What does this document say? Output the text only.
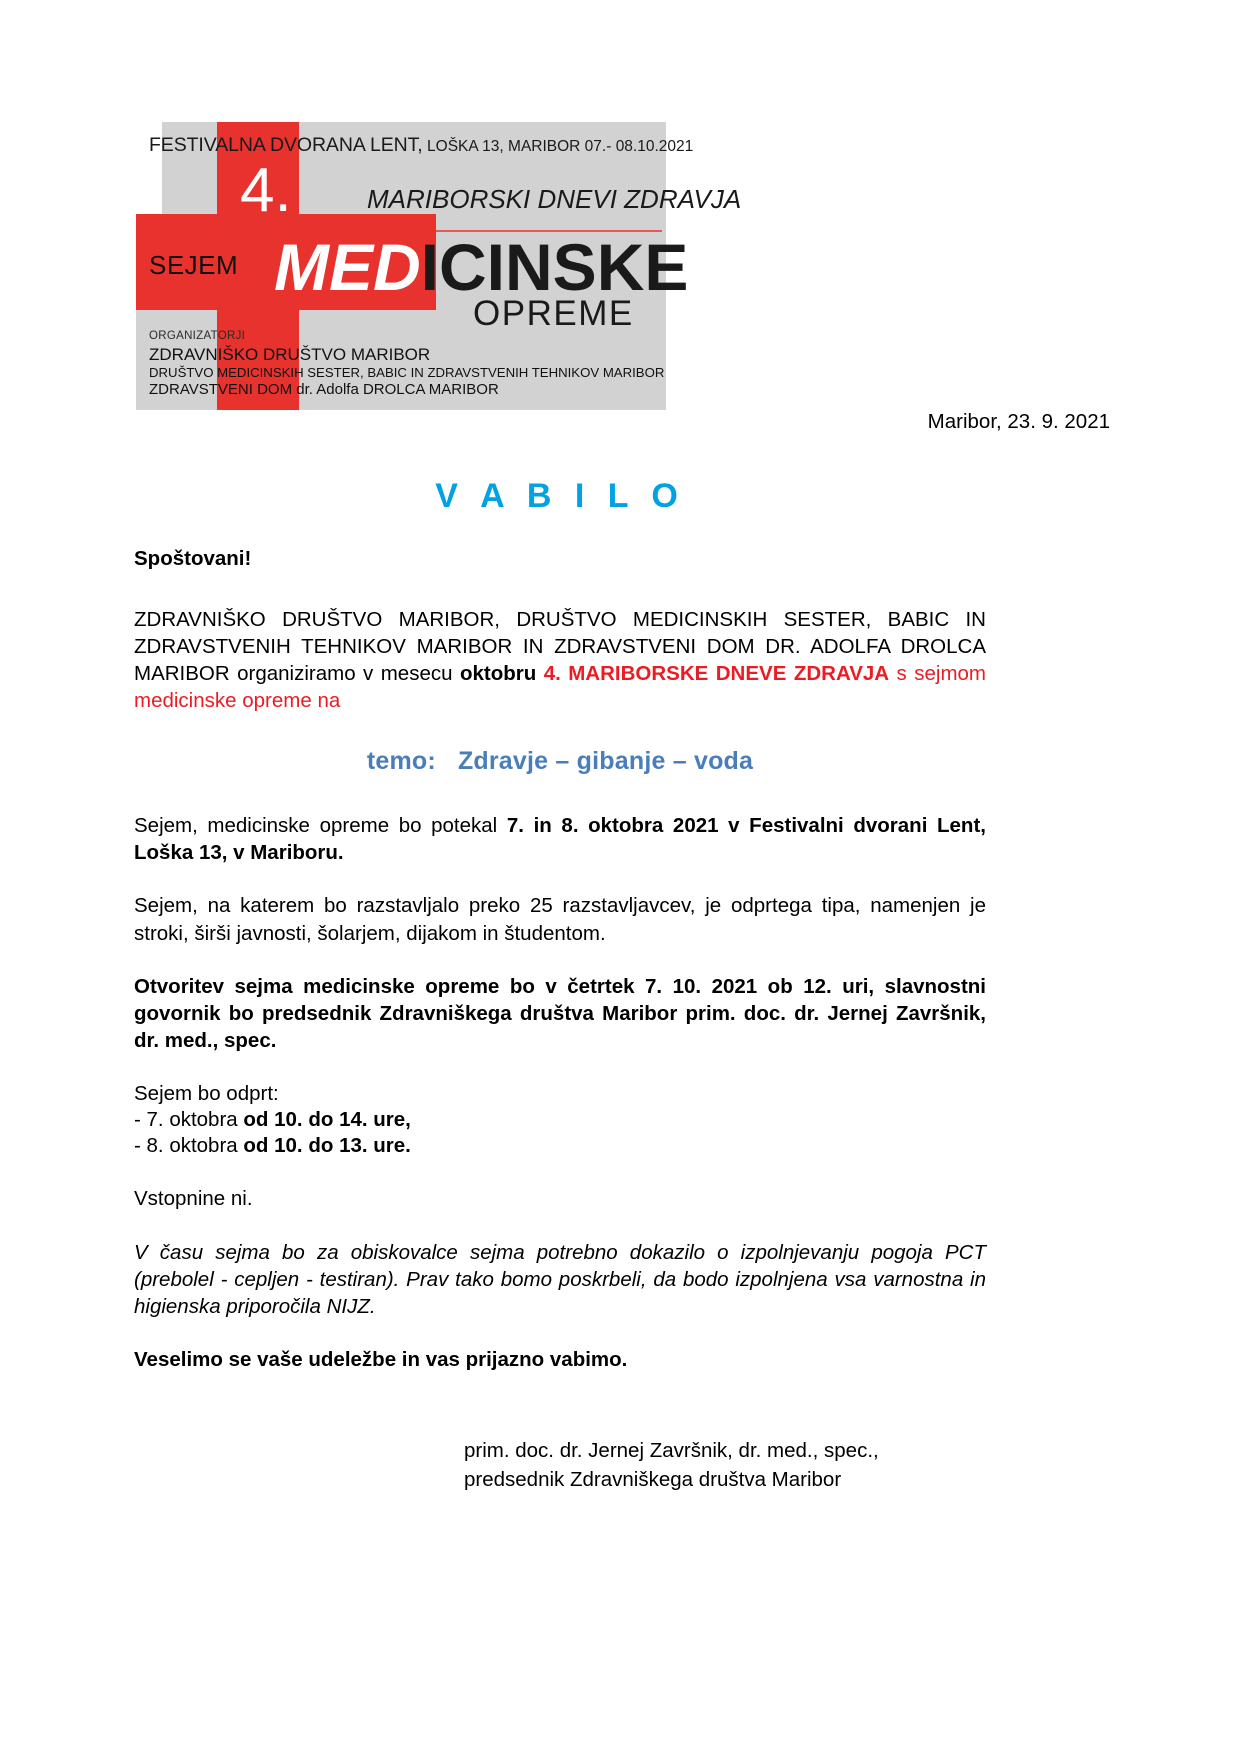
FESTIVALNA DVORANA LENT, LOŠKA 13, MARIBOR 07.- 08.10.2021
4.	MARIBORSKI DNEVI ZDRAVJA
SEJEM MEDICINSKE
OPREME
ORGANIZATORJI
ZDRAVNIŠKO DRUŠTVO MARIBOR
DRUŠTVO MEDICINSKIH SESTER, BABIC IN ZDRAVSTVENIH TEHNIKOV MARIBOR
ZDRAVSTVENI DOM dr. Adolfa DROLCA MARIBOR
Maribor, 23. 9. 2021
V A B I L O

Spoštovani!

ZDRAVNIŠKO DRUŠTVO MARIBOR, DRUŠTVO MEDICINSKIH SESTER, BABIC IN ZDRAVSTVENIH TEHNIKOV MARIBOR IN ZDRAVSTVENI DOM DR. ADOLFA DROLCA MARIBOR organiziramo v mesecu oktobru 4. MARIBORSKE DNEVE ZDRAVJA s sejmom medicinske opreme na

temo: Zdravje – gibanje – voda

Sejem, medicinske opreme bo potekal 7. in 8. oktobra 2021 v Festivalni dvorani Lent, Loška 13, v Mariboru.

Sejem, na katerem bo razstavljalo preko 25 razstavljavcev, je odprtega tipa, namenjen je stroki, širši javnosti, šolarjem, dijakom in študentom.

Otvoritev sejma medicinske opreme bo v četrtek 7. 10. 2021 ob 12. uri, slavnostni govornik bo predsednik Zdravniškega društva Maribor prim. doc. dr. Jernej Završnik, dr. med., spec.

Sejem bo odprt:
- 7. oktobra od 10. do 14. ure,
- 8. oktobra od 10. do 13. ure.

Vstopnine ni.

V času sejma bo za obiskovalce sejma potrebno dokazilo o izpolnjevanju pogoja PCT (prebolel - cepljen - testiran). Prav tako bomo poskrbeli, da bodo izpolnjena vsa varnostna in higienska priporočila NIJZ.

Veselimo se vaše udeležbe in vas prijazno vabimo.

prim. doc. dr. Jernej Završnik, dr. med., spec.,
predsednik Zdravniškega društva Maribor
